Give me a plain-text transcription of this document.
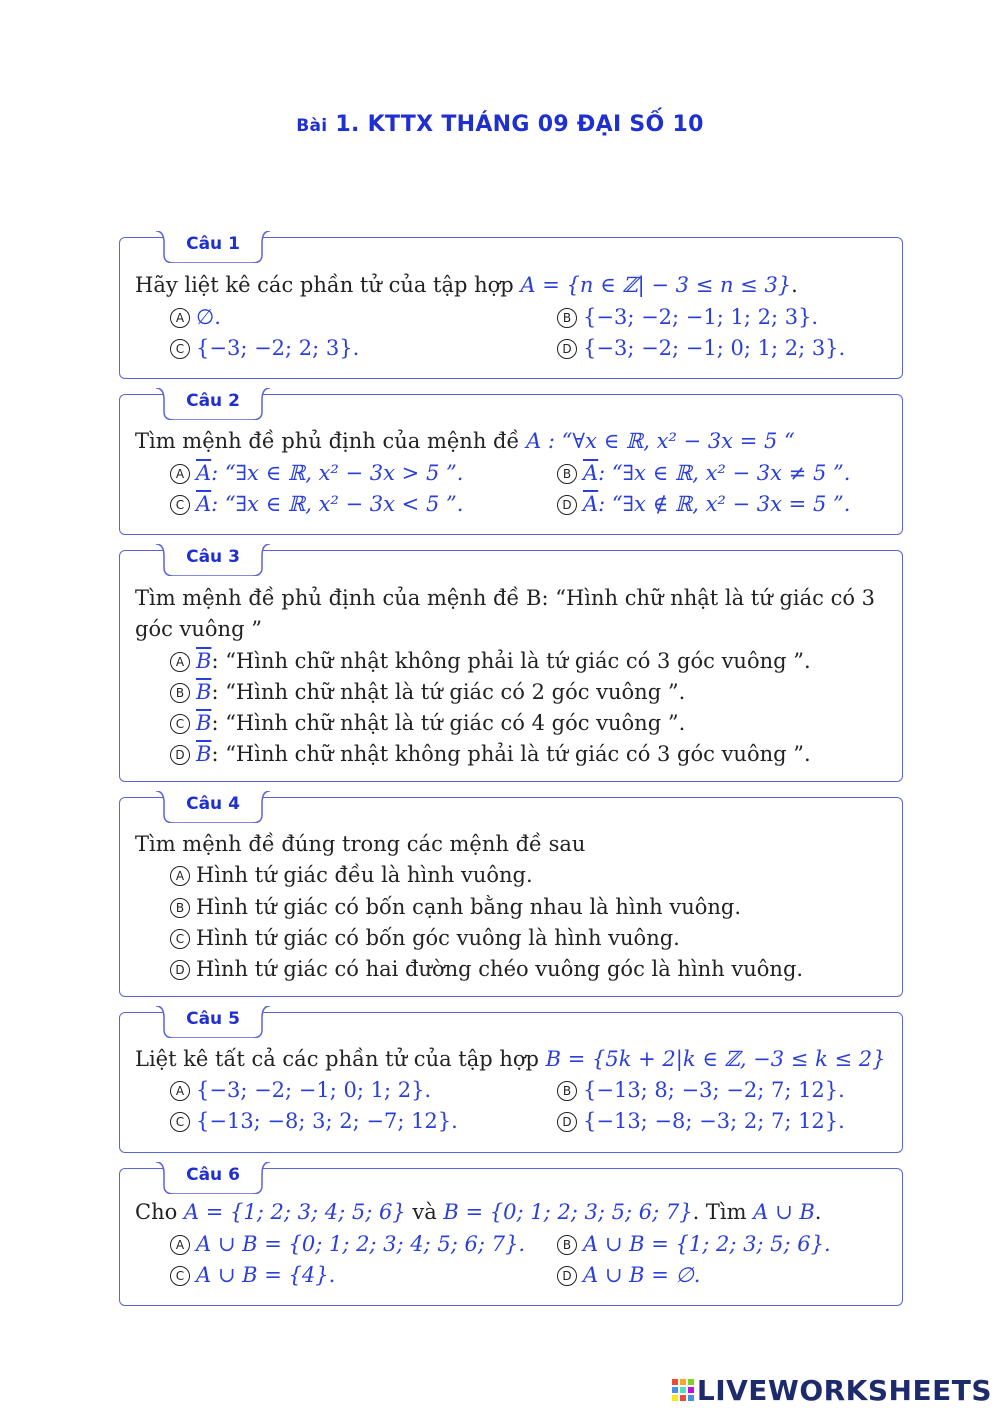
Bài 1. KTTX THÁNG 09 ĐẠI SỐ 10
Câu 1
Hãy liệt kê các phần tử của tập hợp A = {n ∈ ℤ| − 3 ≤ n ≤ 3}.
A ∅.	B {−3; −2; −1; 1; 2; 3}.
C {−3; −2; 2; 3}.	D {−3; −2; −1; 0; 1; 2; 3}.
Câu 2
Tìm mệnh đề phủ định của mệnh đề A : “∀x ∈ ℝ, x² − 3x = 5 “
A $\overline{A}$: “∃x ∈ ℝ, x² − 3x > 5 ”.	B $\overline{A}$: “∃x ∈ ℝ, x² − 3x ≠ 5 ”.
C $\overline{A}$: “∃x ∈ ℝ, x² − 3x < 5 ”.	D $\overline{A}$: “∃x ∉ ℝ, x² − 3x = 5 ”.
Câu 3
Tìm mệnh đề phủ định của mệnh đề B: “Hình chữ nhật là tứ giác có 3
góc vuông ”
A $\overline{B}$: “Hình chữ nhật không phải là tứ giác có 3 góc vuông ”.
B $\overline{B}$: “Hình chữ nhật là tứ giác có 2 góc vuông ”.
C $\overline{B}$: “Hình chữ nhật là tứ giác có 4 góc vuông ”.
D $\overline{B}$: “Hình chữ nhật không phải là tứ giác có 3 góc vuông ”.
Câu 4
Tìm mệnh đề đúng trong các mệnh đề sau
A Hình tứ giác đều là hình vuông.
B Hình tứ giác có bốn cạnh bằng nhau là hình vuông.
C Hình tứ giác có bốn góc vuông là hình vuông.
D Hình tứ giác có hai đường chéo vuông góc là hình vuông.
Câu 5
Liệt kê tất cả các phần tử của tập hợp B = {5k + 2|k ∈ ℤ, −3 ≤ k ≤ 2}
A {−3; −2; −1; 0; 1; 2}.	B {−13; 8; −3; −2; 7; 12}.
C {−13; −8; 3; 2; −7; 12}.	D {−13; −8; −3; 2; 7; 12}.
Câu 6
Cho A = {1; 2; 3; 4; 5; 6} và B = {0; 1; 2; 3; 5; 6; 7}. Tìm A ∪ B.
A A ∪ B = {0; 1; 2; 3; 4; 5; 6; 7}.	B A ∪ B = {1; 2; 3; 5; 6}.
C A ∪ B = {4}.	D A ∪ B = ∅.
LIVEWORKSHEETS
